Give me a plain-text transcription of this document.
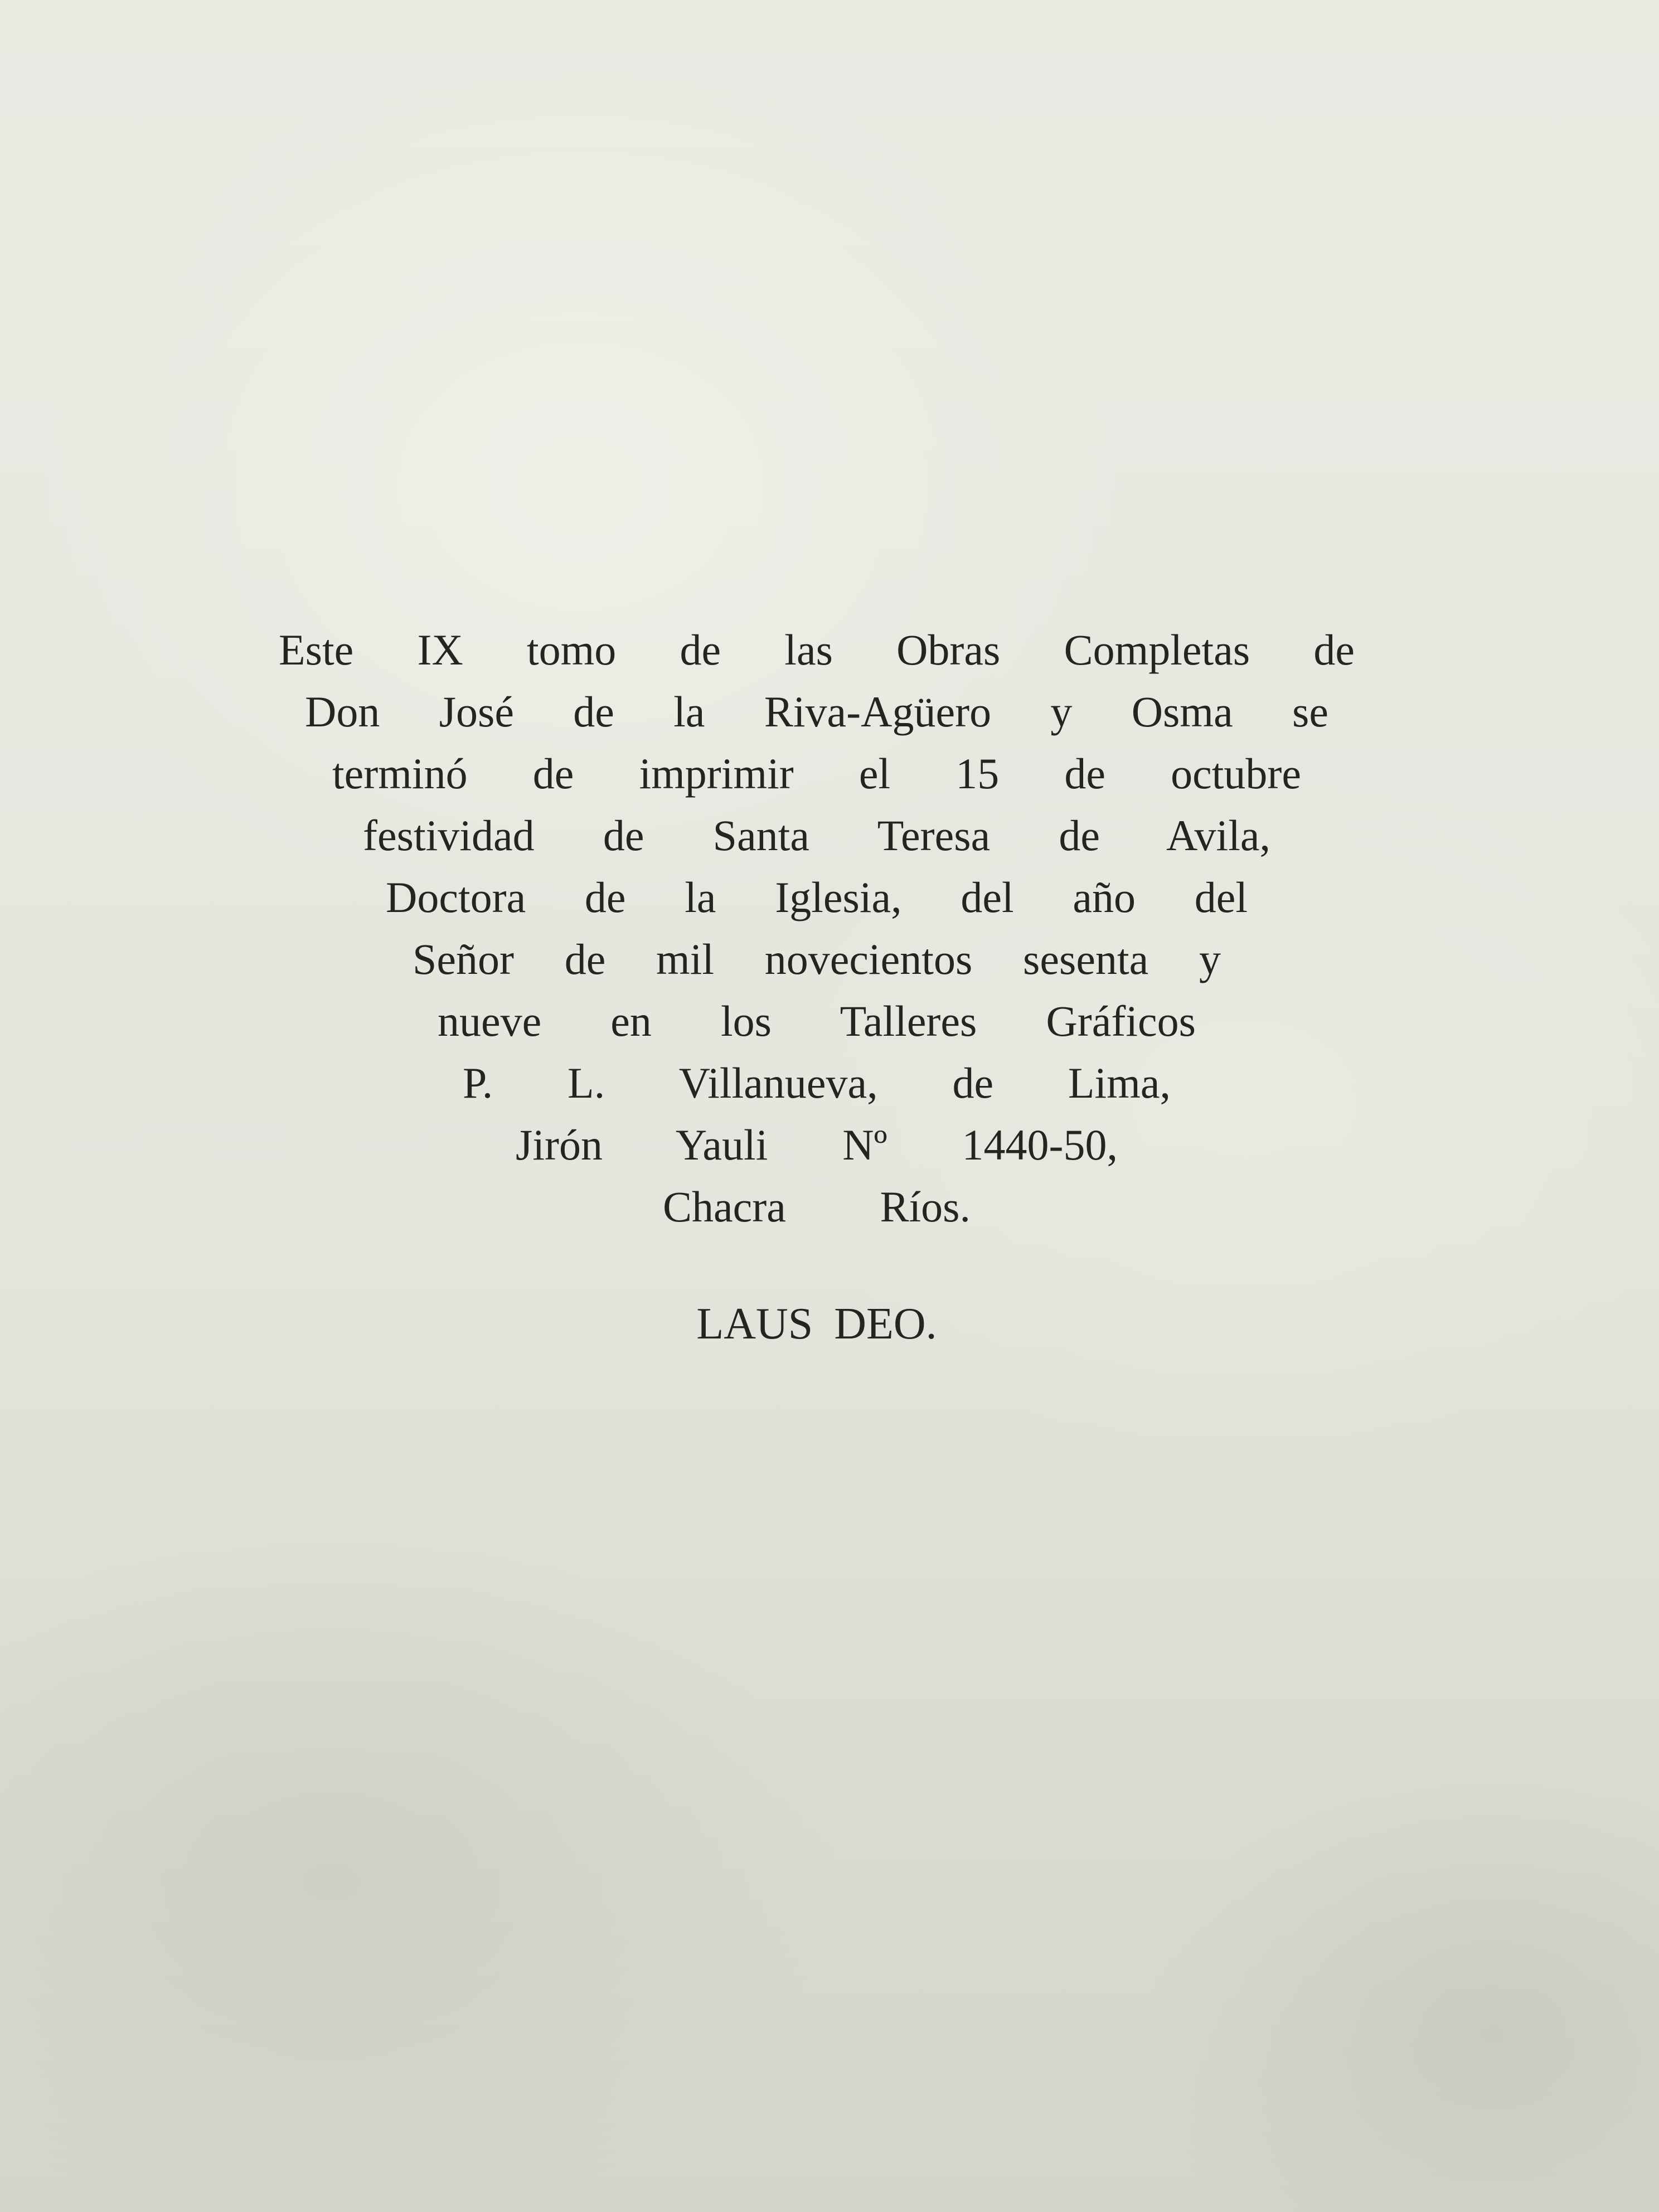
Este IX tomo de las Obras Completas de
Don José de la Riva-Agüero y Osma se
terminó de imprimir el 15 de octubre
festividad de Santa Teresa de Avila,
Doctora de la Iglesia, del año del
Señor de mil novecientos sesenta y
nueve en los Talleres Gráficos
P. L. Villanueva, de Lima,
Jirón Yauli Nº 1440-50,
Chacra Ríos.

LAUS DEO.
